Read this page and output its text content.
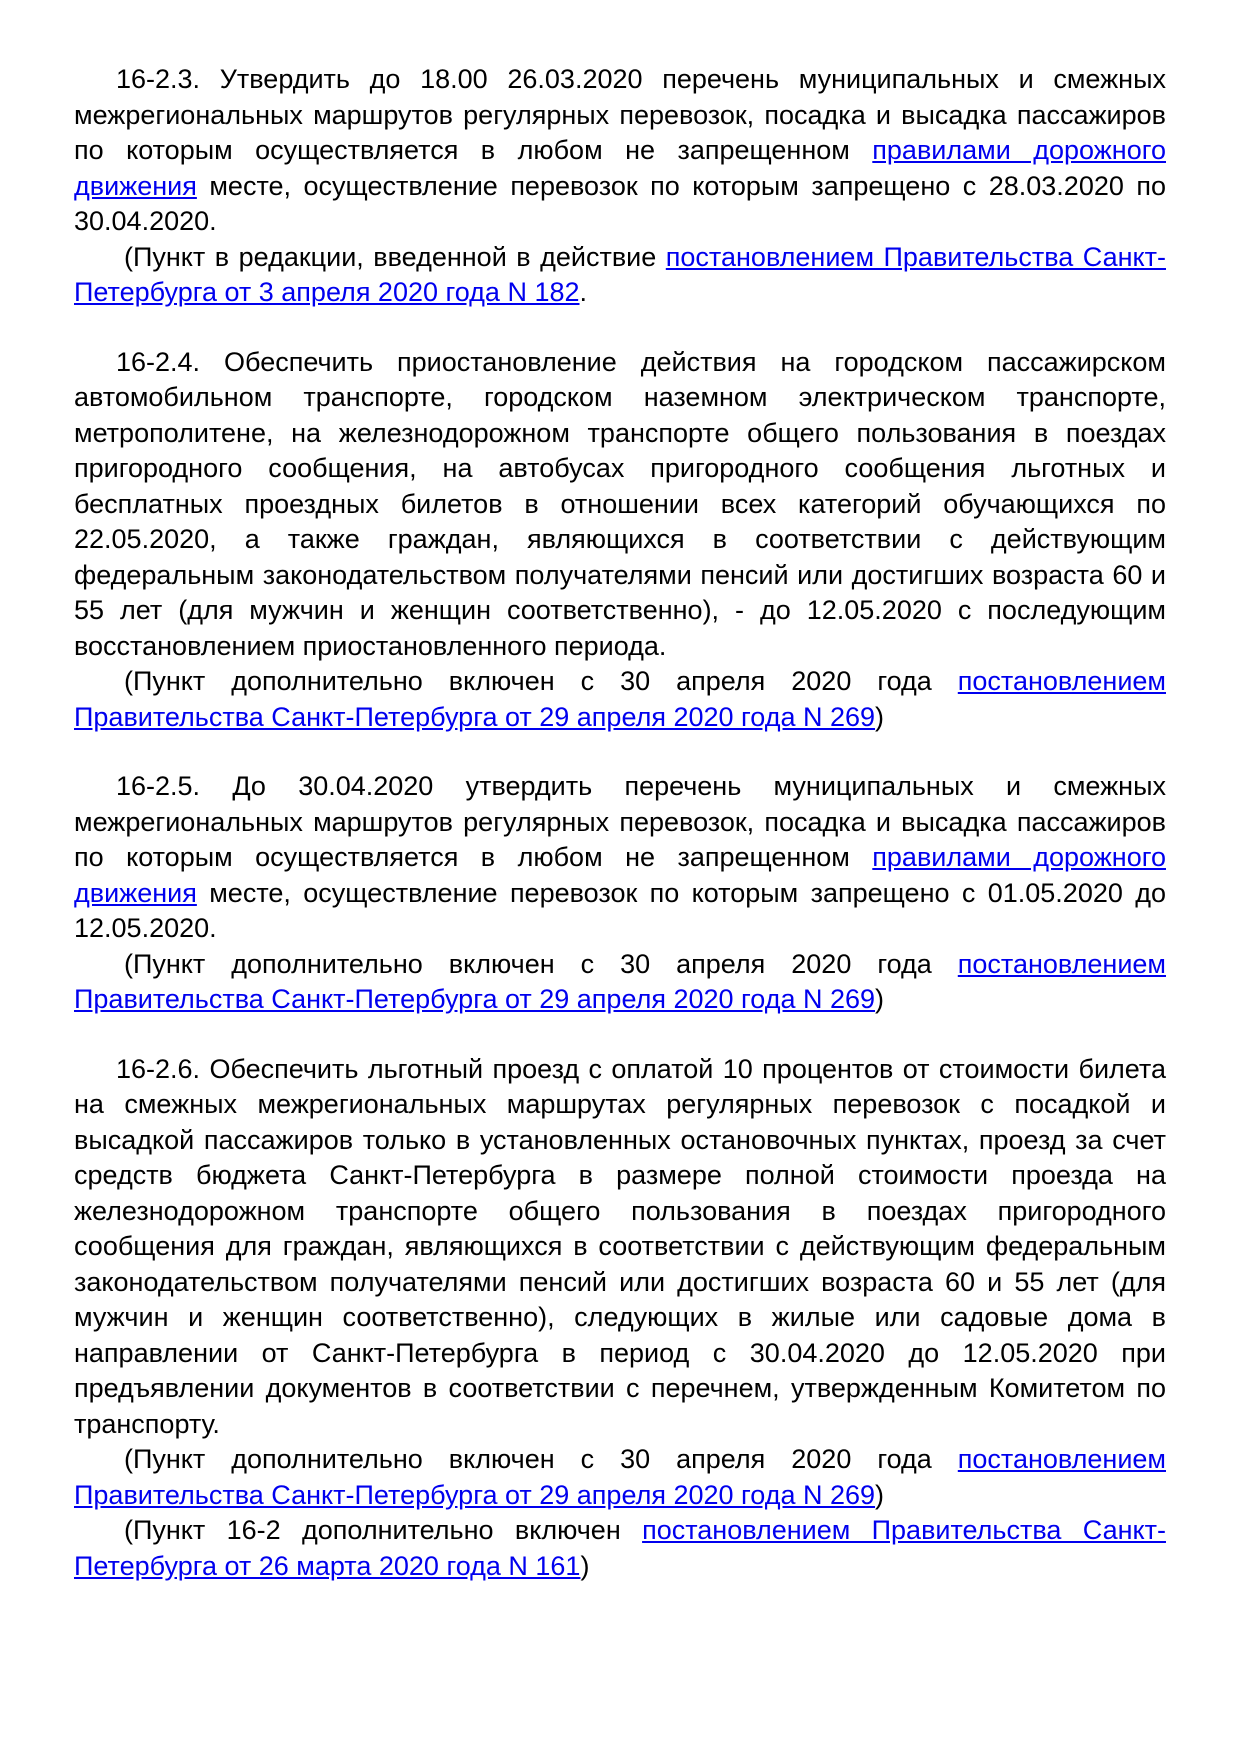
16-2.3. Утвердить до 18.00 26.03.2020 перечень муниципальных и смежных межрегиональных маршрутов регулярных перевозок, посадка и высадка пассажиров по которым осуществляется в любом не запрещенном правилами дорожного движения месте, осуществление перевозок по которым запрещено с 28.03.2020 по 30.04.2020.

(Пункт в редакции, введенной в действие постановлением Правительства Санкт-Петербурга от 3 апреля 2020 года N 182.

16-2.4. Обеспечить приостановление действия на городском пассажирском автомобильном транспорте, городском наземном электрическом транспорте, метрополитене, на железнодорожном транспорте общего пользования в поездах пригородного сообщения, на автобусах пригородного сообщения льготных и бесплатных проездных билетов в отношении всех категорий обучающихся по 22.05.2020, а также граждан, являющихся в соответствии с действующим федеральным законодательством получателями пенсий или достигших возраста 60 и 55 лет (для мужчин и женщин соответственно), - до 12.05.2020 с последующим восстановлением приостановленного периода.

(Пункт дополнительно включен с 30 апреля 2020 года постановлением Правительства Санкт-Петербурга от 29 апреля 2020 года N 269)

16-2.5. До 30.04.2020 утвердить перечень муниципальных и смежных межрегиональных маршрутов регулярных перевозок, посадка и высадка пассажиров по которым осуществляется в любом не запрещенном правилами дорожного движения месте, осуществление перевозок по которым запрещено с 01.05.2020 до 12.05.2020.

(Пункт дополнительно включен с 30 апреля 2020 года постановлением Правительства Санкт-Петербурга от 29 апреля 2020 года N 269)

16-2.6. Обеспечить льготный проезд с оплатой 10 процентов от стоимости билета на смежных межрегиональных маршрутах регулярных перевозок с посадкой и высадкой пассажиров только в установленных остановочных пунктах, проезд за счет средств бюджета Санкт-Петербурга в размере полной стоимости проезда на железнодорожном транспорте общего пользования в поездах пригородного сообщения для граждан, являющихся в соответствии с действующим федеральным законодательством получателями пенсий или достигших возраста 60 и 55 лет (для мужчин и женщин соответственно), следующих в жилые или садовые дома в направлении от Санкт-Петербурга в период с 30.04.2020 до 12.05.2020 при предъявлении документов в соответствии с перечнем, утвержденным Комитетом по транспорту.

(Пункт дополнительно включен с 30 апреля 2020 года постановлением Правительства Санкт-Петербурга от 29 апреля 2020 года N 269)

(Пункт 16-2 дополнительно включен постановлением Правительства Санкт-Петербурга от 26 марта 2020 года N 161)
